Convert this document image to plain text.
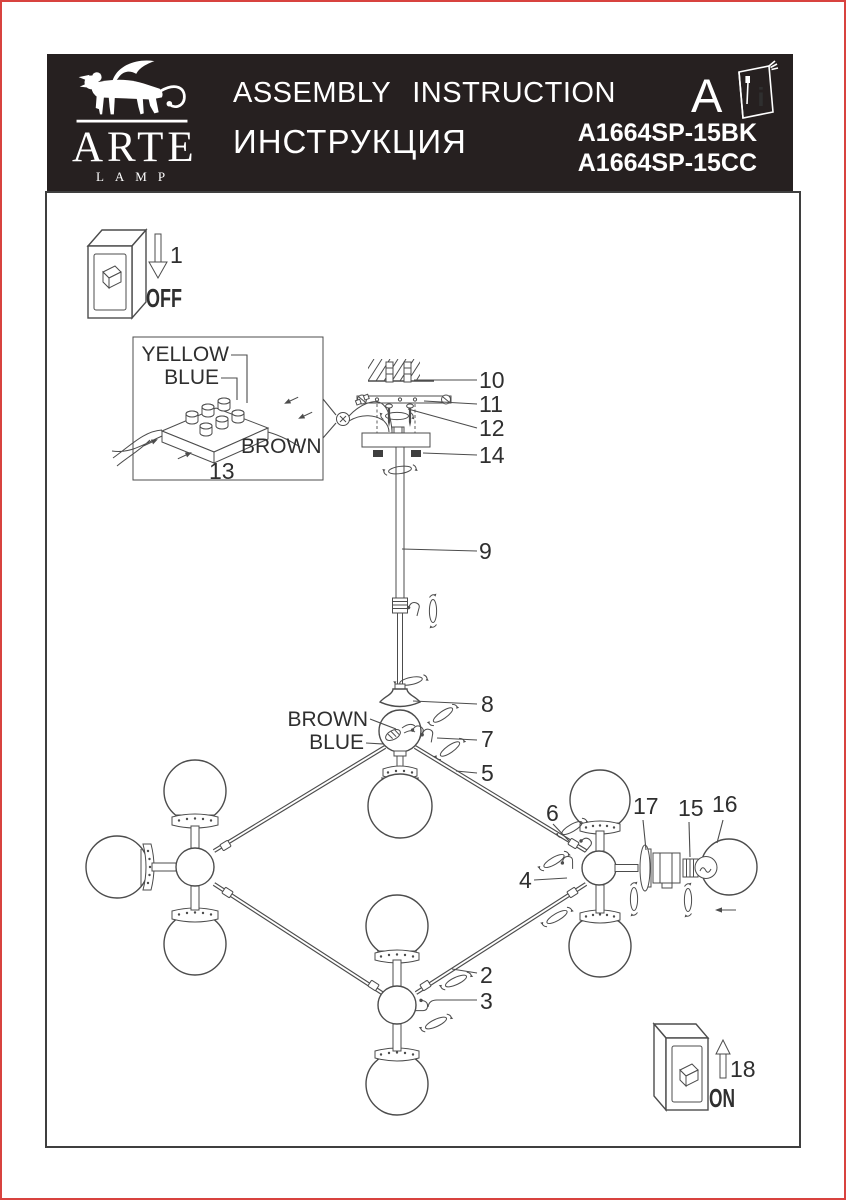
ARTE
LAMP
ASSEMBLY INSTRUCTION
ИНСТРУКЦИЯ
A i
A1664SP-15BK
A1664SP-15CC
1
OFF
YELLOW
BLUE
BROWN
13
18
ON
10
11
12
14
9
8
7
5
BROWN
BLUE
6
4
17 15 16
2
3
